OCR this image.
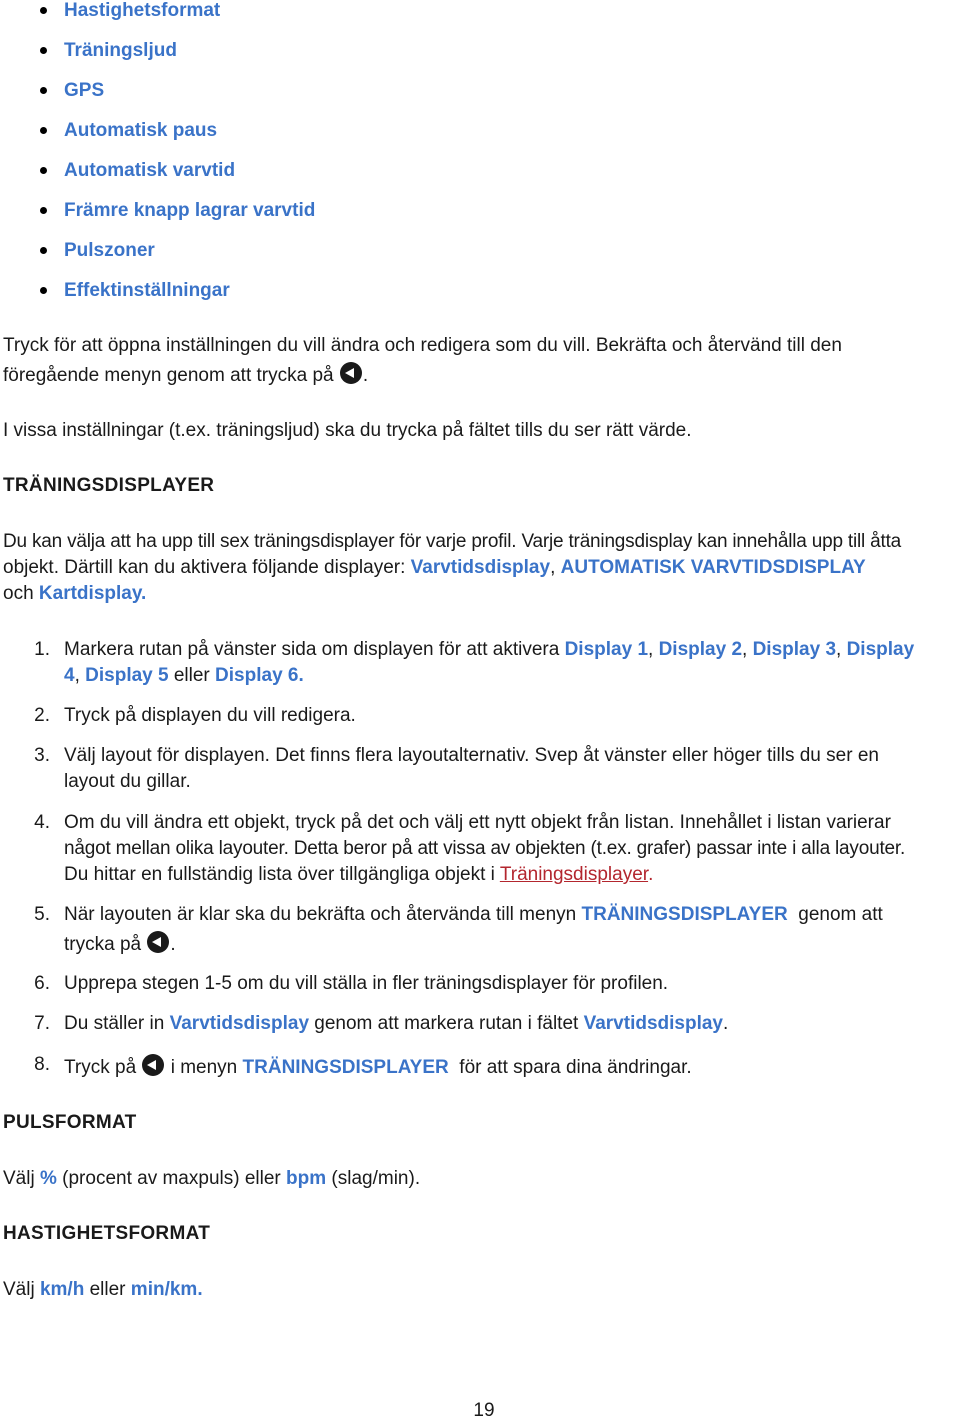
Hastighetsformat
Träningsljud
GPS
Automatisk paus
Automatisk varvtid
Främre knapp lagrar varvtid
Pulszoner
Effektinställningar
Tryck för att öppna inställningen du vill ändra och redigera som du vill. Bekräfta och återvänd till den
föregående menyn genom att trycka på .
I vissa inställningar (t.ex. träningsljud) ska du trycka på fältet tills du ser rätt värde.
TRÄNINGSDISPLAYER
Du kan välja att ha upp till sex träningsdisplayer för varje profil. Varje träningsdisplay kan innehålla upp till åtta
objekt. Därtill kan du aktivera följande displayer: Varvtidsdisplay, AUTOMATISK VARVTIDSDISPLAY
och Kartdisplay.
1. Markera rutan på vänster sida om displayen för att aktivera Display 1, Display 2, Display 3, Display
4, Display 5 eller Display 6.
2. Tryck på displayen du vill redigera.
3. Välj layout för displayen. Det finns flera layoutalternativ. Svep åt vänster eller höger tills du ser en
layout du gillar.
4. Om du vill ändra ett objekt, tryck på det och välj ett nytt objekt från listan. Innehållet i listan varierar
något mellan olika layouter. Detta beror på att vissa av objekten (t.ex. grafer) passar inte i alla layouter.
Du hittar en fullständig lista över tillgängliga objekt i Träningsdisplayer.
5. När layouten är klar ska du bekräfta och återvända till menyn TRÄNINGSDISPLAYER  genom att
trycka på .
6. Upprepa stegen 1-5 om du vill ställa in fler träningsdisplayer för profilen.
7. Du ställer in Varvtidsdisplay genom att markera rutan i fältet Varvtidsdisplay.
8. Tryck på  i menyn TRÄNINGSDISPLAYER  för att spara dina ändringar.
PULSFORMAT
Välj % (procent av maxpuls) eller bpm (slag/min).
HASTIGHETSFORMAT
Välj km/h eller min/km.
19
